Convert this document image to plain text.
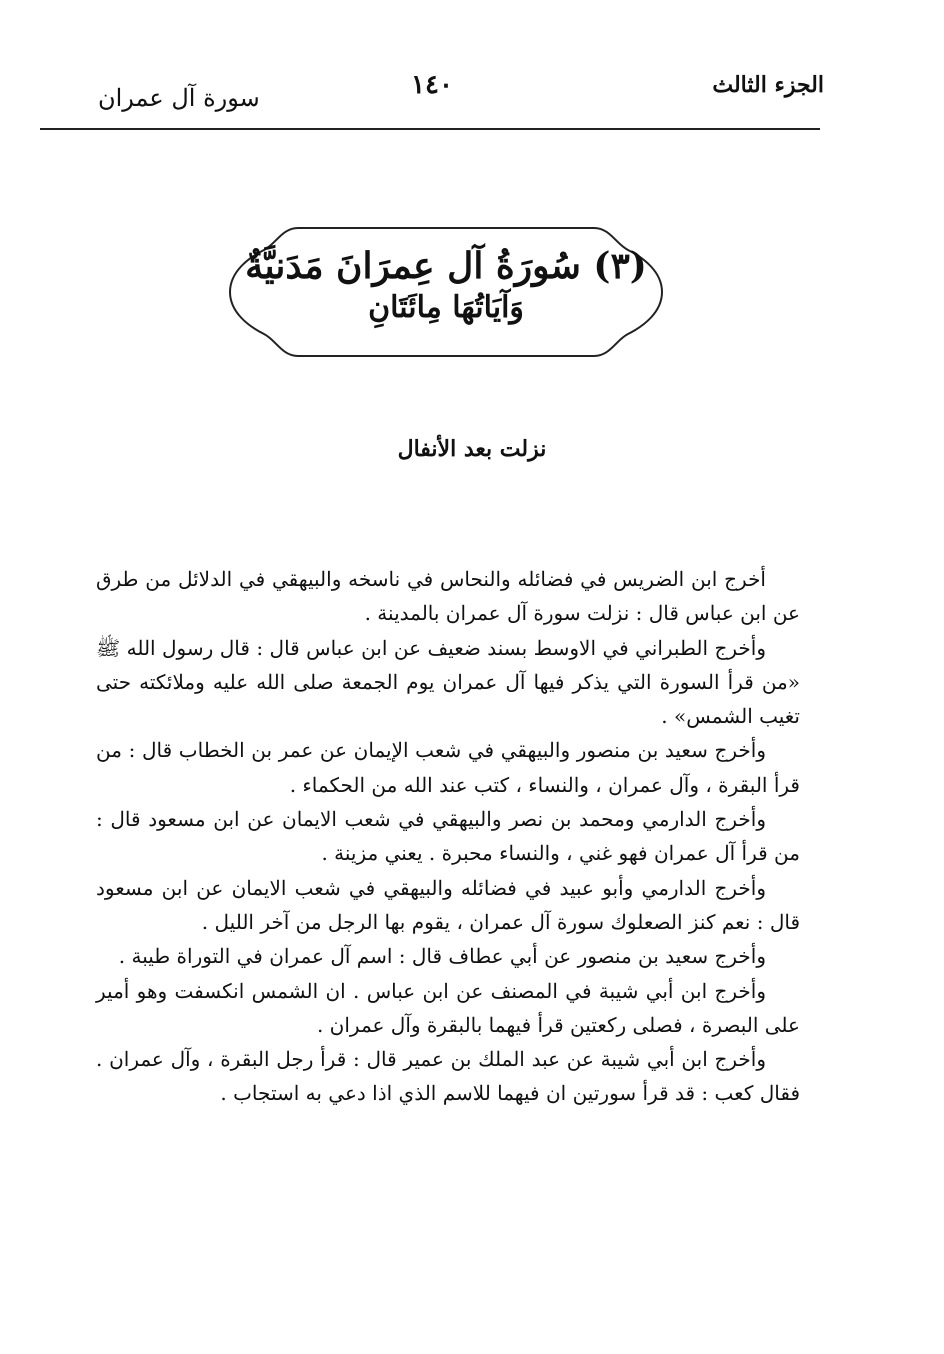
الجزء الثالث
١٤٠
سورة آل عمران
(٣) سُورَةُ آل عِمرَانَ مَدَنيَّةٌ
وَآيَاتُهَا مِائَتَانِ
نزلت بعد الأنفال

أخرج ابن الضريس في فضائله والنحاس في ناسخه والبيهقي في الدلائل من طرق عن ابن عباس قال : نزلت سورة آل عمران بالمدينة .

وأخرج الطبراني في الاوسط بسند ضعيف عن ابن عباس قال : قال رسول الله ﷺ «من قرأ السورة التي يذكر فيها آل عمران يوم الجمعة صلى الله عليه وملائكته حتى تغيب الشمس» .

وأخرج سعيد بن منصور والبيهقي في شعب الإيمان عن عمر بن الخطاب قال : من قرأ البقرة ، وآل عمران ، والنساء ، كتب عند الله من الحكماء .

وأخرج الدارمي ومحمد بن نصر والبيهقي في شعب الايمان عن ابن مسعود قال : من قرأ آل عمران فهو غني ، والنساء محبرة . يعني مزينة .

وأخرج الدارمي وأبو عبيد في فضائله والبيهقي في شعب الايمان عن ابن مسعود قال : نعم كنز الصعلوك سورة آل عمران ، يقوم بها الرجل من آخر الليل .

وأخرج سعيد بن منصور عن أبي عطاف قال : اسم آل عمران في التوراة طيبة .

وأخرج ابن أبي شيبة في المصنف عن ابن عباس . ان الشمس انكسفت وهو أمير على البصرة ، فصلى ركعتين قرأ فيهما بالبقرة وآل عمران .

وأخرج ابن أبي شيبة عن عبد الملك بن عمير قال : قرأ رجل البقرة ، وآل عمران . فقال كعب : قد قرأ سورتين ان فيهما للاسم الذي اذا دعي به استجاب .
